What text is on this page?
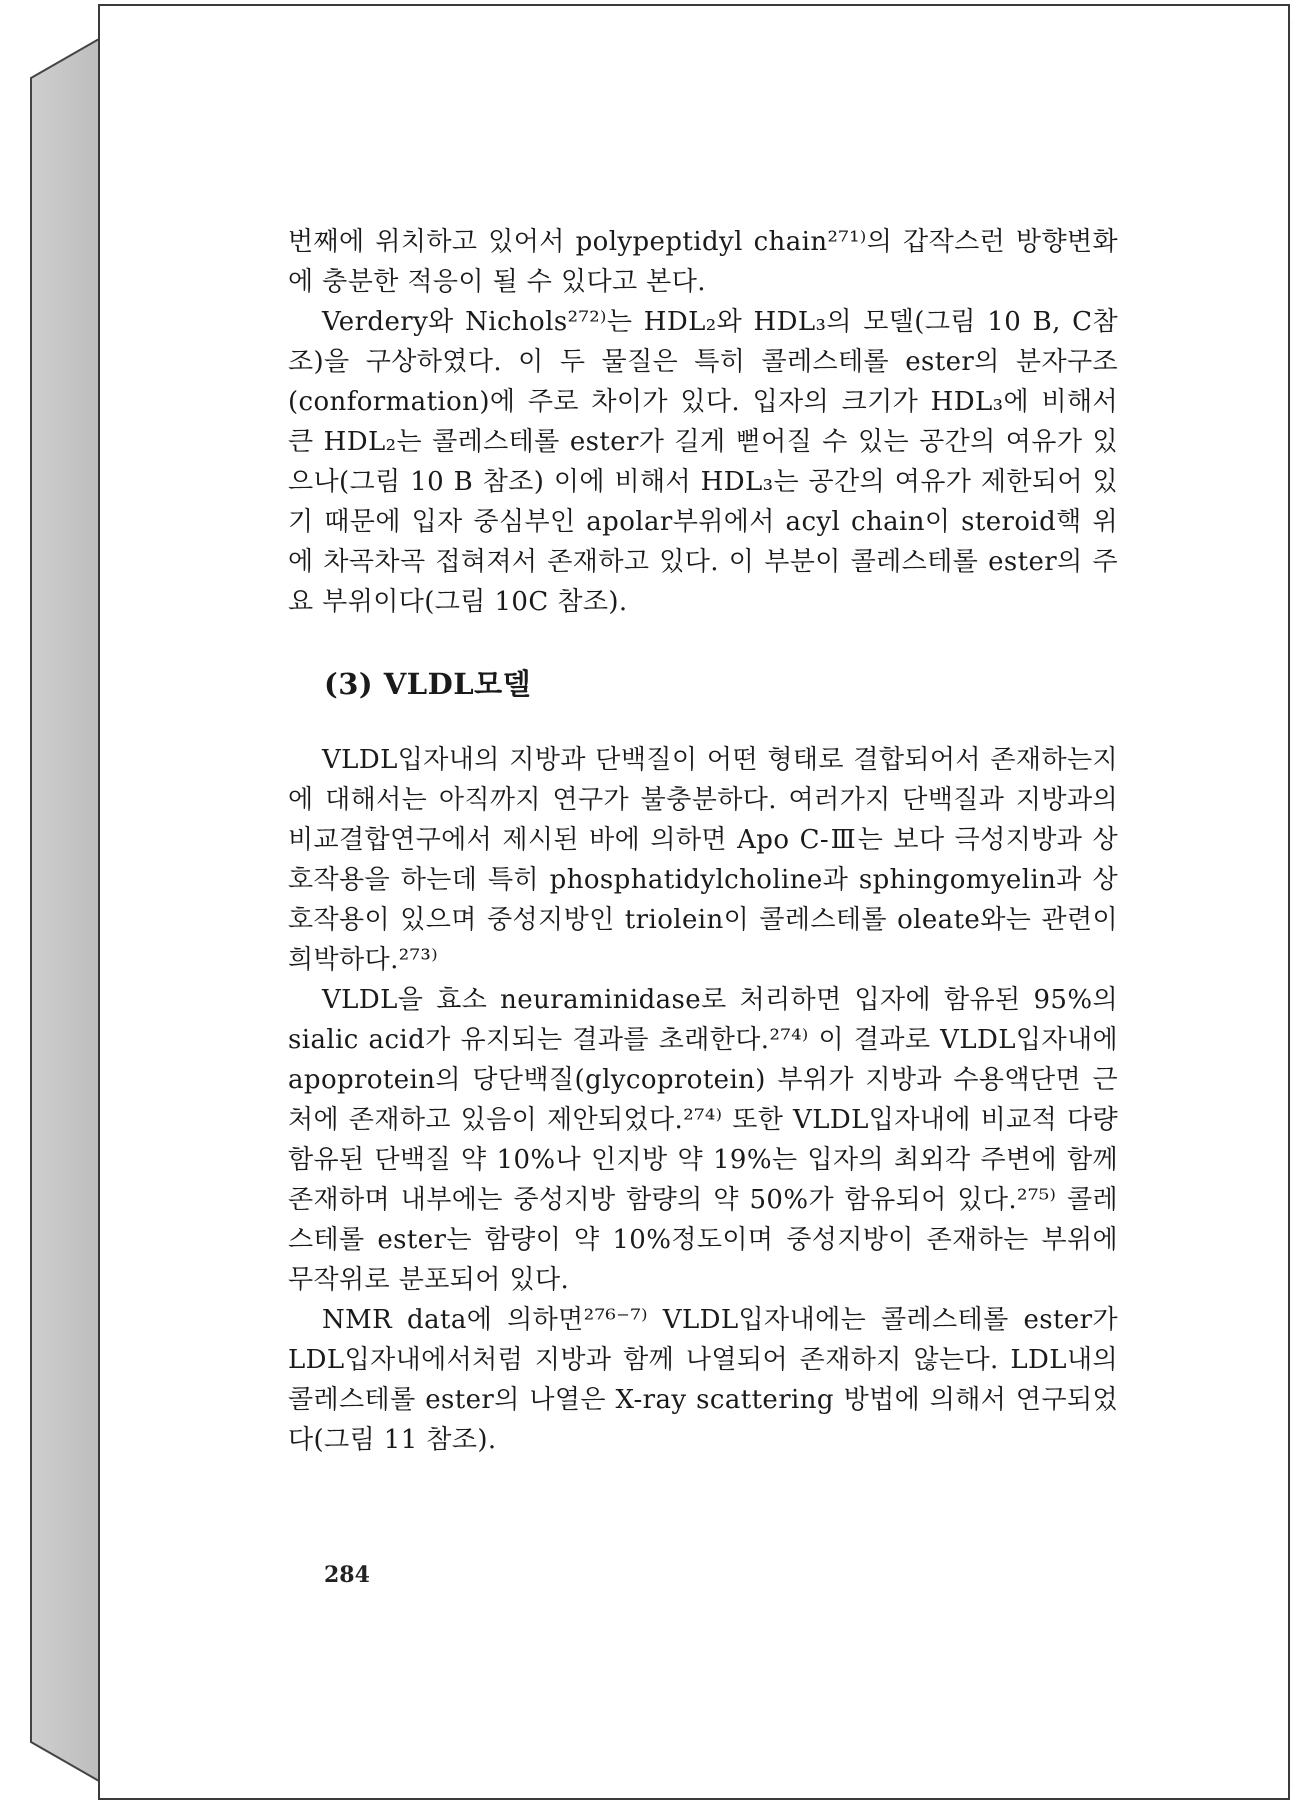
번째에 위치하고 있어서 polypeptidyl chain²⁷¹⁾의 갑작스런 방향변화에 충분한 적응이 될 수 있다고 본다.

Verdery와 Nichols²⁷²⁾는 HDL₂와 HDL₃의 모델(그림 10 B, C참조)을 구상하였다. 이 두 물질은 특히 콜레스테롤 ester의 분자구조(conformation)에 주로 차이가 있다. 입자의 크기가 HDL₃에 비해서 큰 HDL₂는 콜레스테롤 ester가 길게 뻗어질 수 있는 공간의 여유가 있으나(그림 10 B 참조) 이에 비해서 HDL₃는 공간의 여유가 제한되어 있기 때문에 입자 중심부인 apolar부위에서 acyl chain이 steroid핵 위에 차곡차곡 접혀져서 존재하고 있다. 이 부분이 콜레스테롤 ester의 주요 부위이다(그림 10C 참조).

(3) VLDL모델

VLDL입자내의 지방과 단백질이 어떤 형태로 결합되어서 존재하는지에 대해서는 아직까지 연구가 불충분하다. 여러가지 단백질과 지방과의 비교결합연구에서 제시된 바에 의하면 Apo C-Ⅲ는 보다 극성지방과 상호작용을 하는데 특히 phosphatidylcholine과 sphingomyelin과 상호작용이 있으며 중성지방인 triolein이 콜레스테롤 oleate와는 관련이 희박하다.²⁷³⁾

VLDL을 효소 neuraminidase로 처리하면 입자에 함유된 95%의 sialic acid가 유지되는 결과를 초래한다.²⁷⁴⁾ 이 결과로 VLDL입자내에 apoprotein의 당단백질(glycoprotein) 부위가 지방과 수용액단면 근처에 존재하고 있음이 제안되었다.²⁷⁴⁾ 또한 VLDL입자내에 비교적 다량 함유된 단백질 약 10%나 인지방 약 19%는 입자의 최외각 주변에 함께 존재하며 내부에는 중성지방 함량의 약 50%가 함유되어 있다.²⁷⁵⁾ 콜레스테롤 ester는 함량이 약 10%정도이며 중성지방이 존재하는 부위에 무작위로 분포되어 있다.

NMR data에 의하면²⁷⁶⁻⁷⁾ VLDL입자내에는 콜레스테롤 ester가 LDL입자내에서처럼 지방과 함께 나열되어 존재하지 않는다. LDL내의 콜레스테롤 ester의 나열은 X-ray scattering 방법에 의해서 연구되었다(그림 11 참조).

284
